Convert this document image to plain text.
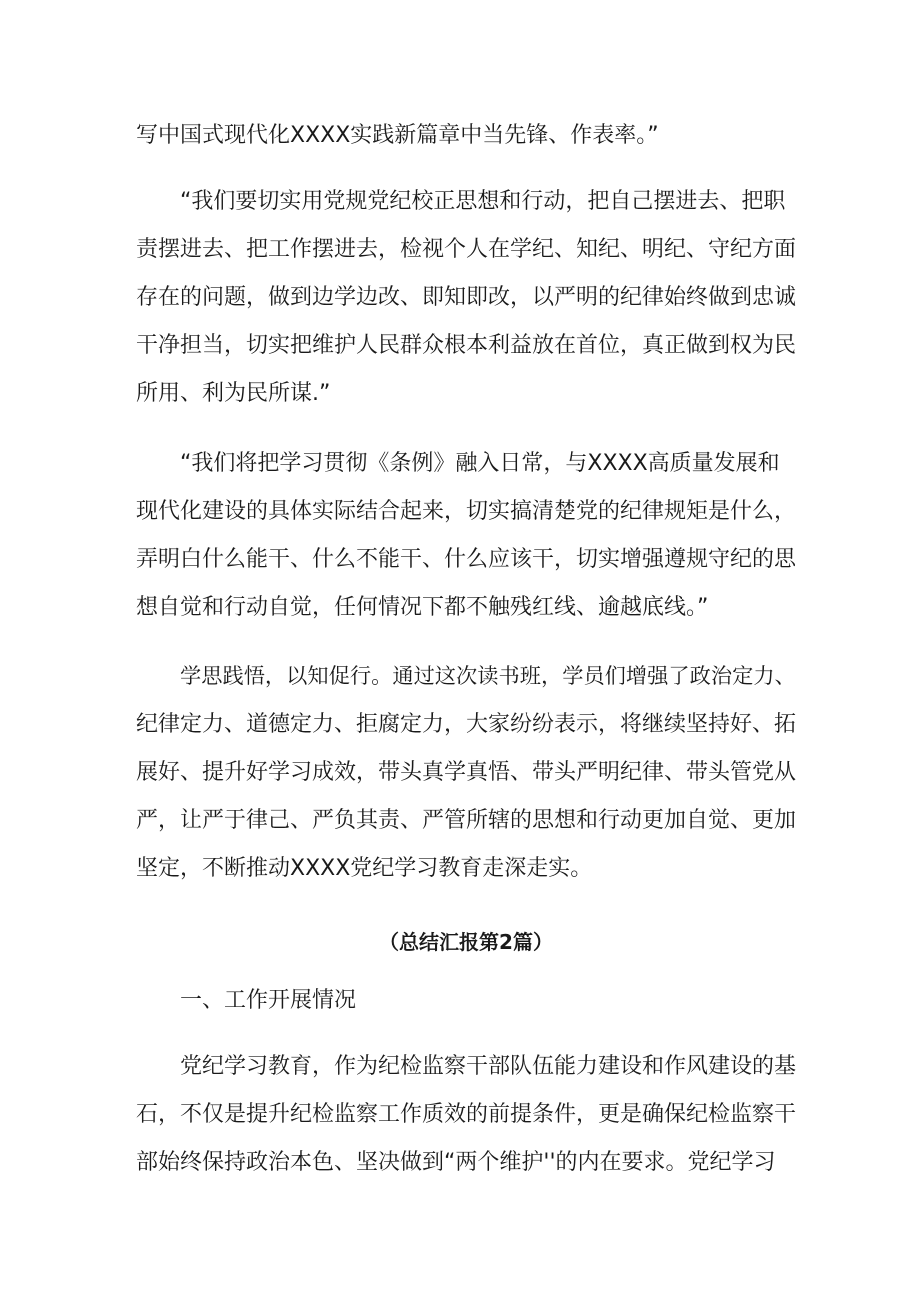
写中国式现代化XXXX实践新篇章中当先锋、作表率。”
“我们要切实用党规党纪校正思想和行动，把自己摆进去、把职
责摆进去、把工作摆进去，检视个人在学纪、知纪、明纪、守纪方面
存在的问题，做到边学边改、即知即改，以严明的纪律始终做到忠诚
干净担当，切实把维护人民群众根本利益放在首位，真正做到权为民
所用、利为民所谋.”
“我们将把学习贯彻《条例》融入日常，与XXXX高质量发展和
现代化建设的具体实际结合起来，切实搞清楚党的纪律规矩是什么，
弄明白什么能干、什么不能干、什么应该干，切实增强遵规守纪的思
想自觉和行动自觉，任何情况下都不触残红线、逾越底线。”
学思践悟，以知促行。通过这次读书班，学员们增强了政治定力、
纪律定力、道德定力、拒腐定力，大家纷纷表示，将继续坚持好、拓
展好、提升好学习成效，带头真学真悟、带头严明纪律、带头管党从
严，让严于律己、严负其责、严管所辖的思想和行动更加自觉、更加
坚定，不断推动XXXX党纪学习教育走深走实。
（总结汇报第2篇）
一、工作开展情况
党纪学习教育，作为纪检监察干部队伍能力建设和作风建设的基
石，不仅是提升纪检监察工作质效的前提条件，更是确保纪检监察干
部始终保持政治本色、坚决做到“两个维护''的内在要求。党纪学习
